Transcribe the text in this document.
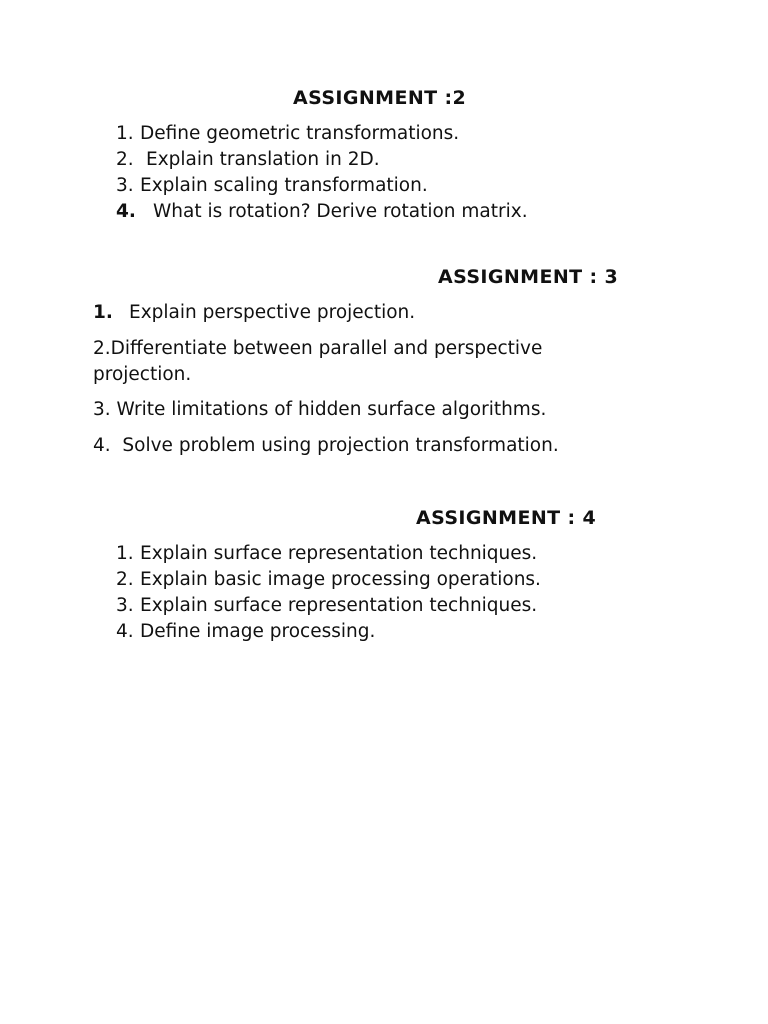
ASSIGNMENT :2
1. Define geometric transformations.
2. Explain translation in 2D.
3. Explain scaling transformation.
4. What is rotation? Derive rotation matrix.
ASSIGNMENT : 3
1. Explain perspective projection.
2.Differentiate between parallel and perspective
projection.
3. Write limitations of hidden surface algorithms.
4.  Solve problem using projection transformation.
ASSIGNMENT : 4
1. Explain surface representation techniques.
2. Explain basic image processing operations.
3. Explain surface representation techniques.
4. Define image processing.
